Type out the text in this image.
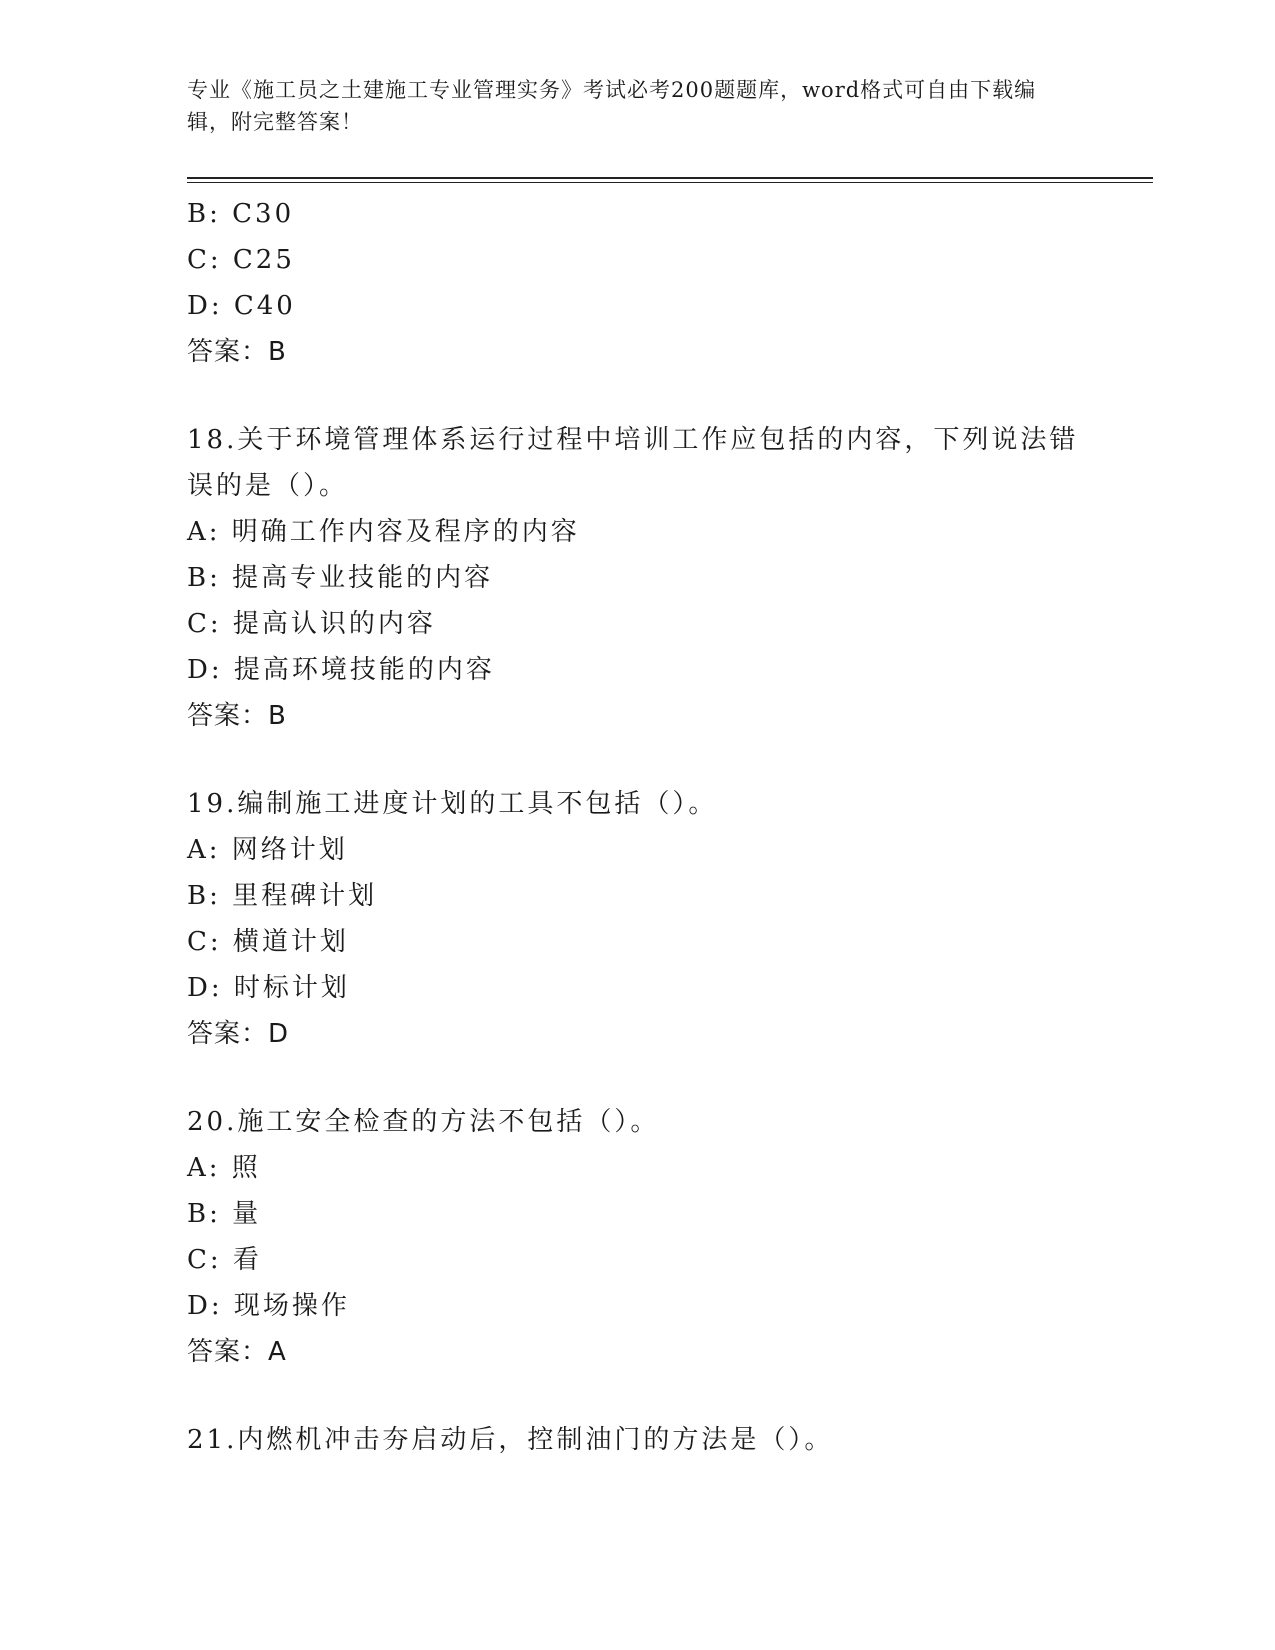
专业《施工员之土建施工专业管理实务》考试必考200题题库，word格式可自由下载编辑，附完整答案！
B: C30
C: C25
D: C40
答案：B
18.关于环境管理体系运行过程中培训工作应包括的内容，下列说法错误的是（）。
A: 明确工作内容及程序的内容
B: 提高专业技能的内容
C: 提高认识的内容
D: 提高环境技能的内容
答案：B
19.编制施工进度计划的工具不包括（）。
A: 网络计划
B: 里程碑计划
C: 横道计划
D: 时标计划
答案：D
20.施工安全检查的方法不包括（）。
A: 照
B: 量
C: 看
D: 现场操作
答案：A
21.内燃机冲击夯启动后，控制油门的方法是（）。
